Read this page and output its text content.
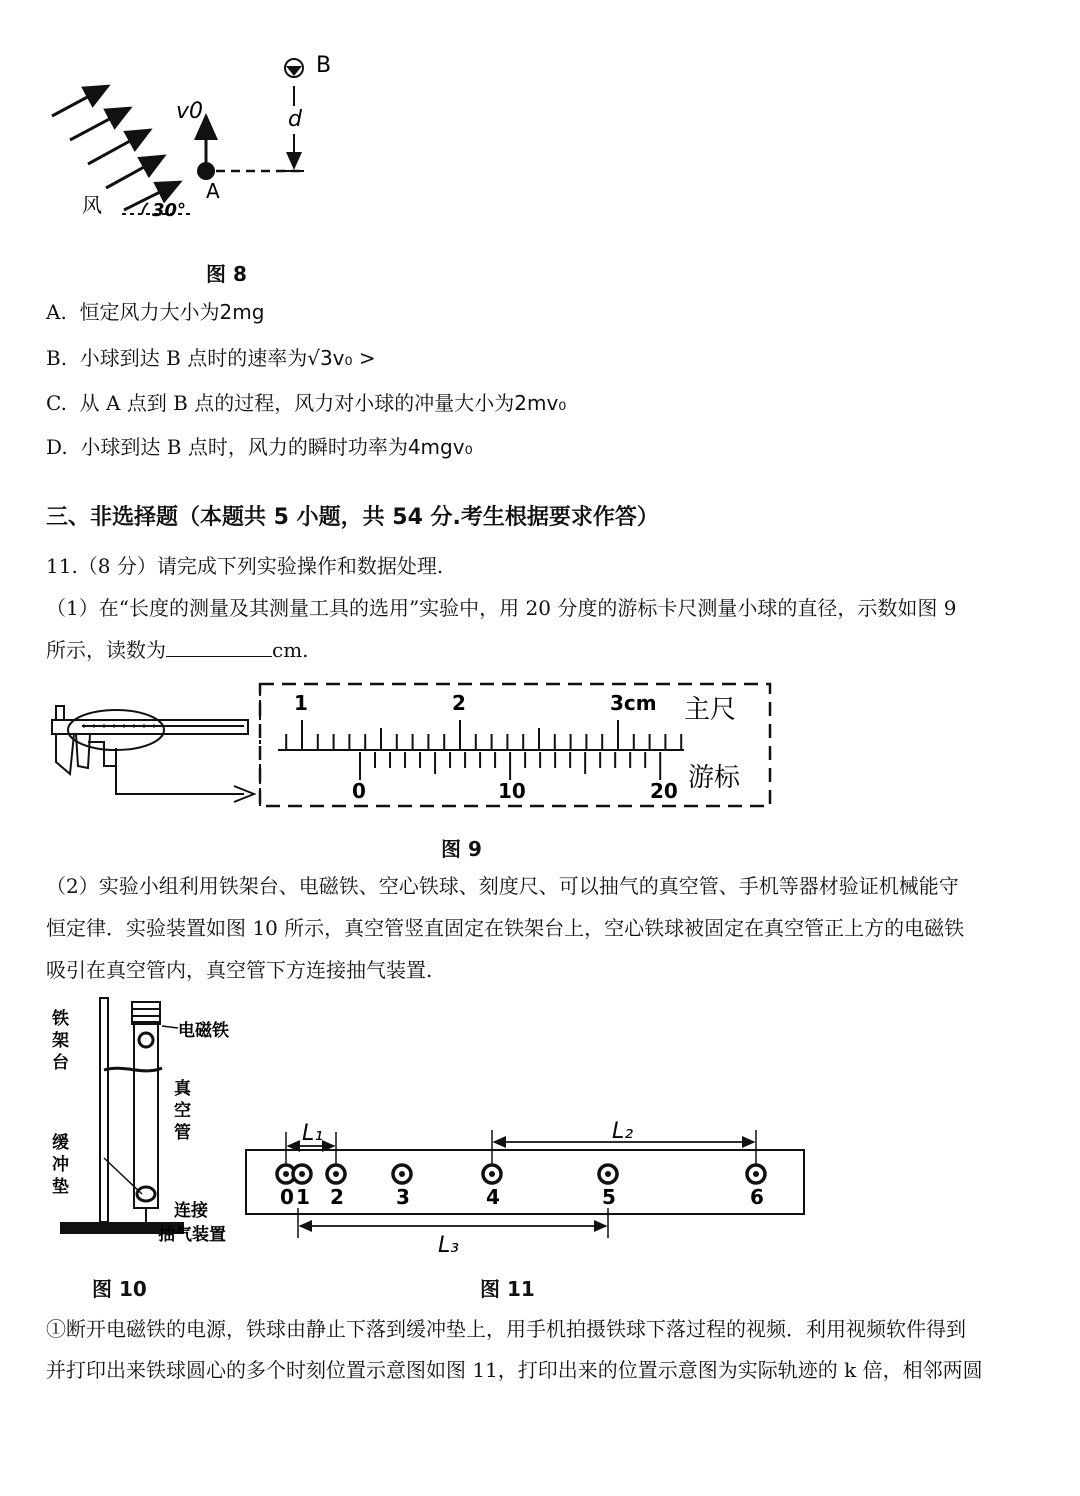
风	30°
v0
A
d
B
图 8
A. 恒定风力大小为2mg
B. 小球到达 B 点时的速率为√3v₀ >
C. 从 A 点到 B 点的过程，风力对小球的冲量大小为2mv₀
D. 小球到达 B 点时，风力的瞬时功率为4mgv₀
三、非选择题（本题共 5 小题，共 54 分.考生根据要求作答）
11.（8 分）请完成下列实验操作和数据处理.
（1）在“长度的测量及其测量工具的选用”实验中，用 20 分度的游标卡尺测量小球的直径，示数如图 9
所示，读数为	cm.
1	2	3cm 主尺
0	10	20 游标
图 9
（2）实验小组利用铁架台、电磁铁、空心铁球、刻度尺、可以抽气的真空管、手机等器材验证机械能守
恒定律．实验装置如图 10 所示，真空管竖直固定在铁架台上，空心铁球被固定在真空管正上方的电磁铁
吸引在真空管内，真空管下方连接抽气装置.
铁
架
台
电磁铁
真
空
管
缓
冲
垫
连接
抽气装置
图 10
0 1 2	3	4	5	6
L₁	L₂
L₃
图 11
①断开电磁铁的电源，铁球由静止下落到缓冲垫上，用手机拍摄铁球下落过程的视频．利用视频软件得到
并打印出来铁球圆心的多个时刻位置示意图如图 11，打印出来的位置示意图为实际轨迹的 k 倍，相邻两圆
